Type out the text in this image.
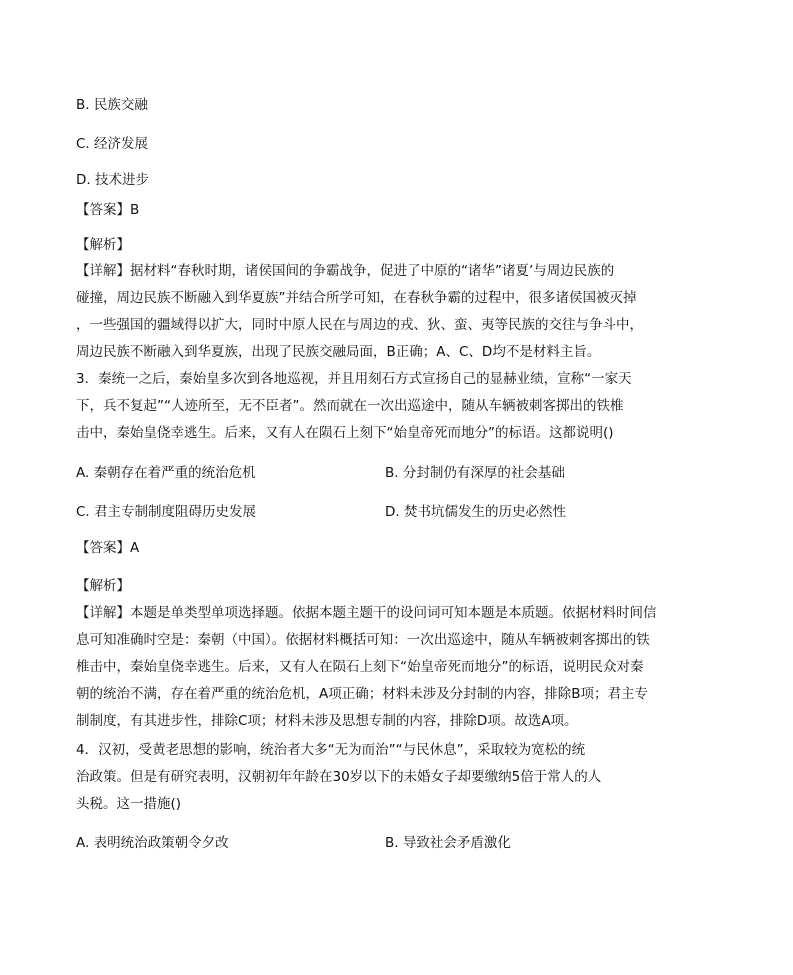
B. 民族交融
C. 经济发展
D. 技术进步
【答案】B
【解析】
【详解】据材料“春秋时期，诸侯国间的争霸战争，促进了中原的“诸华”诸夏’与周边民族的
碰撞，周边民族不断融入到华夏族”并结合所学可知，在春秋争霸的过程中，很多诸侯国被灭掉
，一些强国的疆域得以扩大，同时中原人民在与周边的戎、狄、蛮、夷等民族的交往与争斗中，
周边民族不断融入到华夏族，出现了民族交融局面，B正确；A、C、D均不是材料主旨。
3．秦统一之后，秦始皇多次到各地巡视，并且用刻石方式宣扬自己的显赫业绩，宣称“一家天
下，兵不复起”“人迹所至，无不臣者”。然而就在一次出巡途中，随从车辆被刺客掷出的铁椎
击中，秦始皇侥幸逃生。后来，又有人在陨石上刻下“始皇帝死而地分”的标语。这都说明()
A. 秦朝存在着严重的统治危机	B. 分封制仍有深厚的社会基础
C. 君主专制制度阻碍历史发展	D. 焚书坑儒发生的历史必然性
【答案】A
【解析】
【详解】本题是单类型单项选择题。依据本题主题干的设问词可知本题是本质题。依据材料时间信
息可知准确时空是：秦朝（中国）。依据材料概括可知：一次出巡途中，随从车辆被刺客掷出的铁
椎击中，秦始皇侥幸逃生。后来，又有人在陨石上刻下“始皇帝死而地分”的标语，说明民众对秦
朝的统治不满，存在着严重的统治危机，A项正确；材料未涉及分封制的内容，排除B项；君主专
制制度，有其进步性，排除C项；材料未涉及思想专制的内容，排除D项。故选A项。
4．汉初，受黄老思想的影响，统治者大多“无为而治”“与民休息”，采取较为宽松的统
治政策。但是有研究表明，汉朝初年年龄在30岁以下的未婚女子却要缴纳5倍于常人的人
头税。这一措施()
A. 表明统治政策朝令夕改	B. 导致社会矛盾激化
